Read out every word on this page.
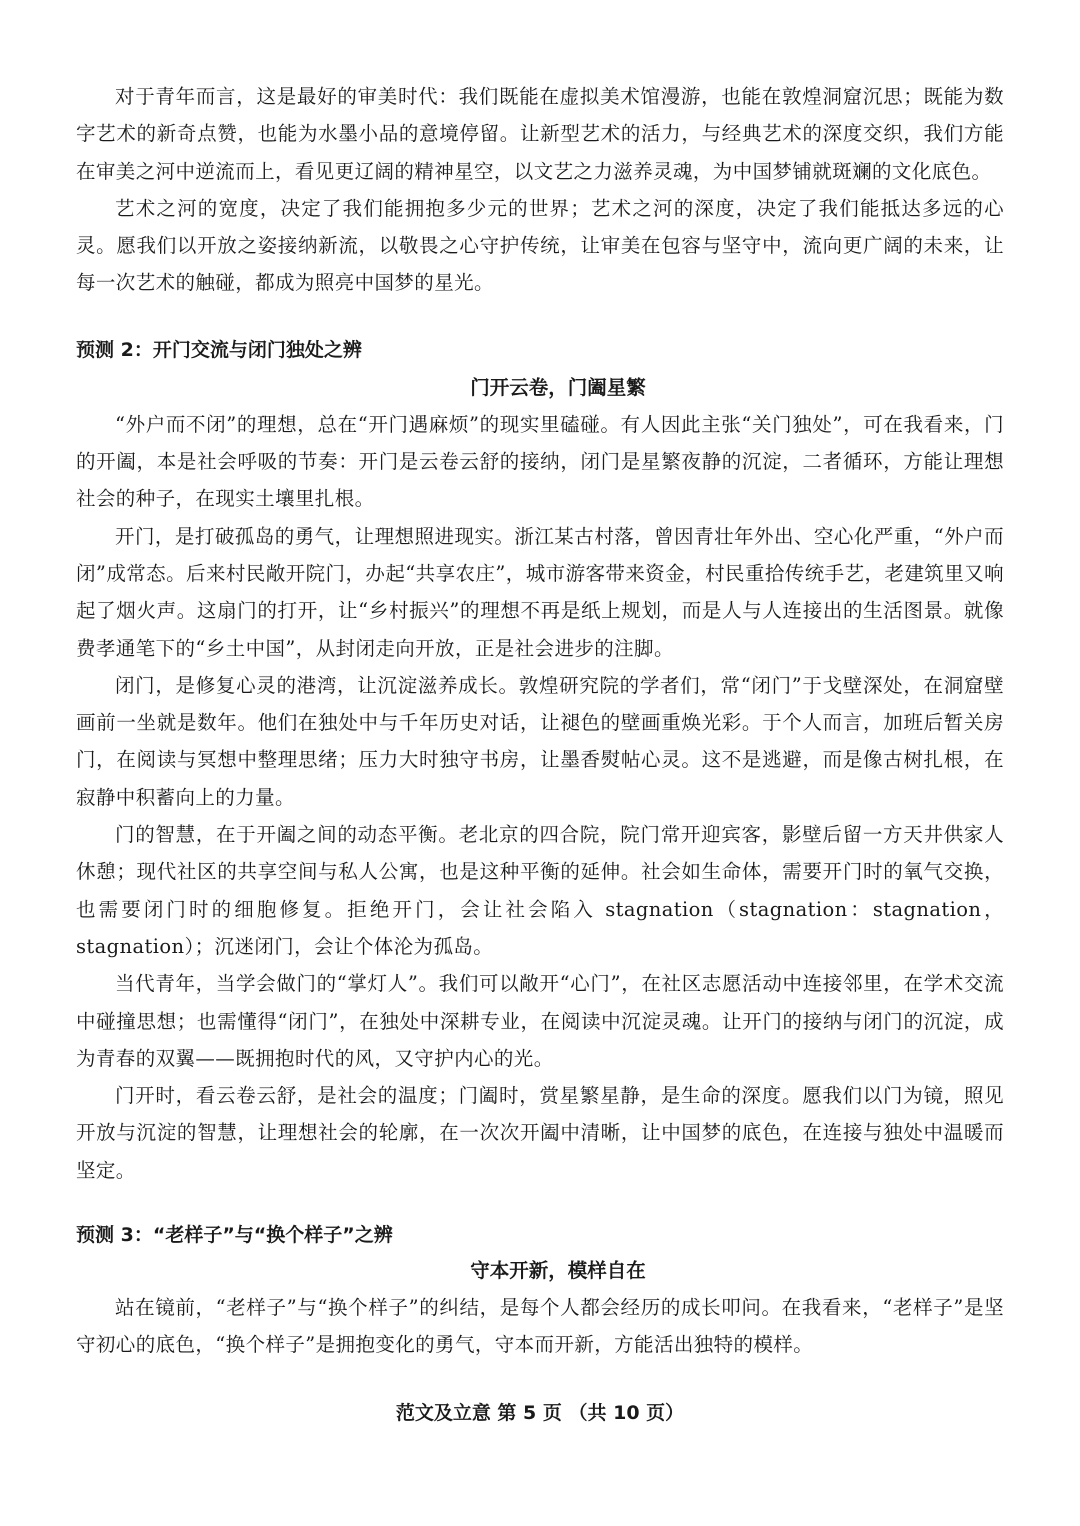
对于青年而言，这是最好的审美时代：我们既能在虚拟美术馆漫游，也能在敦煌洞窟沉思；既能为数字艺术的新奇点赞，也能为水墨小品的意境停留。让新型艺术的活力，与经典艺术的深度交织，我们方能在审美之河中逆流而上，看见更辽阔的精神星空，以文艺之力滋养灵魂，为中国梦铺就斑斓的文化底色。

艺术之河的宽度，决定了我们能拥抱多少元的世界；艺术之河的深度，决定了我们能抵达多远的心灵。愿我们以开放之姿接纳新流，以敬畏之心守护传统，让审美在包容与坚守中，流向更广阔的未来，让每一次艺术的触碰，都成为照亮中国梦的星光。

预测 2：开门交流与闭门独处之辨

门开云卷，门阖星繁

“外户而不闭”的理想，总在“开门遇麻烦”的现实里磕碰。有人因此主张“关门独处”，可在我看来，门的开阖，本是社会呼吸的节奏：开门是云卷云舒的接纳，闭门是星繁夜静的沉淀，二者循环，方能让理想社会的种子，在现实土壤里扎根。

开门，是打破孤岛的勇气，让理想照进现实。浙江某古村落，曾因青壮年外出、空心化严重，“外户而闭”成常态。后来村民敞开院门，办起“共享农庄”，城市游客带来资金，村民重拾传统手艺，老建筑里又响起了烟火声。这扇门的打开，让“乡村振兴”的理想不再是纸上规划，而是人与人连接出的生活图景。就像费孝通笔下的“乡土中国”，从封闭走向开放，正是社会进步的注脚。

闭门，是修复心灵的港湾，让沉淀滋养成长。敦煌研究院的学者们，常“闭门”于戈壁深处，在洞窟壁画前一坐就是数年。他们在独处中与千年历史对话，让褪色的壁画重焕光彩。于个人而言，加班后暂关房门，在阅读与冥想中整理思绪；压力大时独守书房，让墨香熨帖心灵。这不是逃避，而是像古树扎根，在寂静中积蓄向上的力量。

门的智慧，在于开阖之间的动态平衡。老北京的四合院，院门常开迎宾客，影壁后留一方天井供家人休憩；现代社区的共享空间与私人公寓，也是这种平衡的延伸。社会如生命体，需要开门时的氧气交换，也需要闭门时的细胞修复。拒绝开门，会让社会陷入 stagnation（stagnation：stagnation，stagnation）；沉迷闭门，会让个体沦为孤岛。

当代青年，当学会做门的“掌灯人”。我们可以敞开“心门”，在社区志愿活动中连接邻里，在学术交流中碰撞思想；也需懂得“闭门”，在独处中深耕专业，在阅读中沉淀灵魂。让开门的接纳与闭门的沉淀，成为青春的双翼——既拥抱时代的风，又守护内心的光。

门开时，看云卷云舒，是社会的温度；门阖时，赏星繁星静，是生命的深度。愿我们以门为镜，照见开放与沉淀的智慧，让理想社会的轮廓，在一次次开阖中清晰，让中国梦的底色，在连接与独处中温暖而坚定。

预测 3：“老样子”与“换个样子”之辨

守本开新，模样自在

站在镜前，“老样子”与“换个样子”的纠结，是每个人都会经历的成长叩问。在我看来，“老样子”是坚守初心的底色，“换个样子”是拥抱变化的勇气，守本而开新，方能活出独特的模样。

范文及立意 第 5 页 （共 10 页）
